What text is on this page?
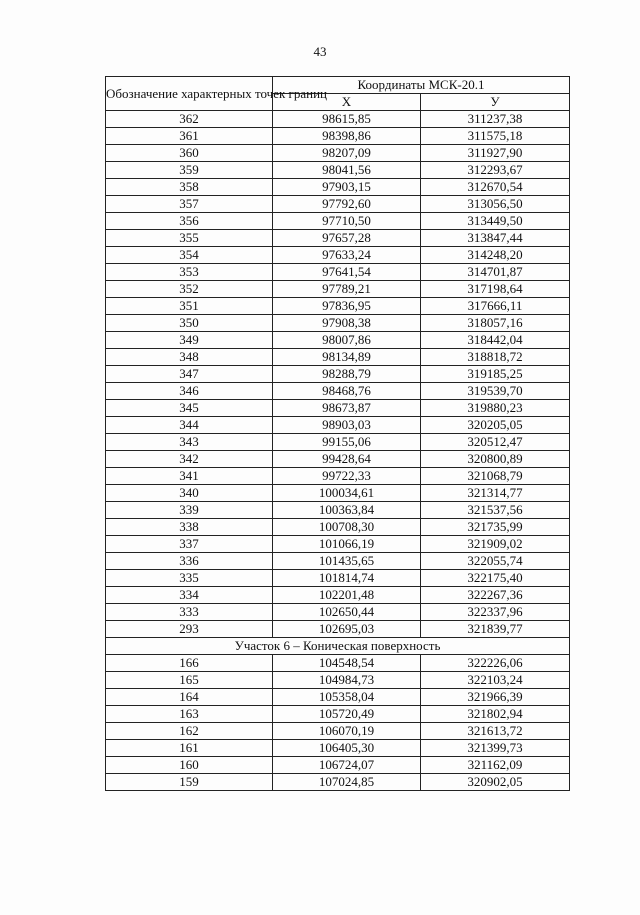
43
Обозначение характерных точек границ	Координаты МСК-20.1	
	X	У
362	98615,85	311237,38
361	98398,86	311575,18
360	98207,09	311927,90
359	98041,56	312293,67
358	97903,15	312670,54
357	97792,60	313056,50
356	97710,50	313449,50
355	97657,28	313847,44
354	97633,24	314248,20
353	97641,54	314701,87
352	97789,21	317198,64
351	97836,95	317666,11
350	97908,38	318057,16
349	98007,86	318442,04
348	98134,89	318818,72
347	98288,79	319185,25
346	98468,76	319539,70
345	98673,87	319880,23
344	98903,03	320205,05
343	99155,06	320512,47
342	99428,64	320800,89
341	99722,33	321068,79
340	100034,61	321314,77
339	100363,84	321537,56
338	100708,30	321735,99
337	101066,19	321909,02
336	101435,65	322055,74
335	101814,74	322175,40
334	102201,48	322267,36
333	102650,44	322337,96
293	102695,03	321839,77
Участок 6 – Коническая поверхность		
166	104548,54	322226,06
165	104984,73	322103,24
164	105358,04	321966,39
163	105720,49	321802,94
162	106070,19	321613,72
161	106405,30	321399,73
160	106724,07	321162,09
159	107024,85	320902,05
